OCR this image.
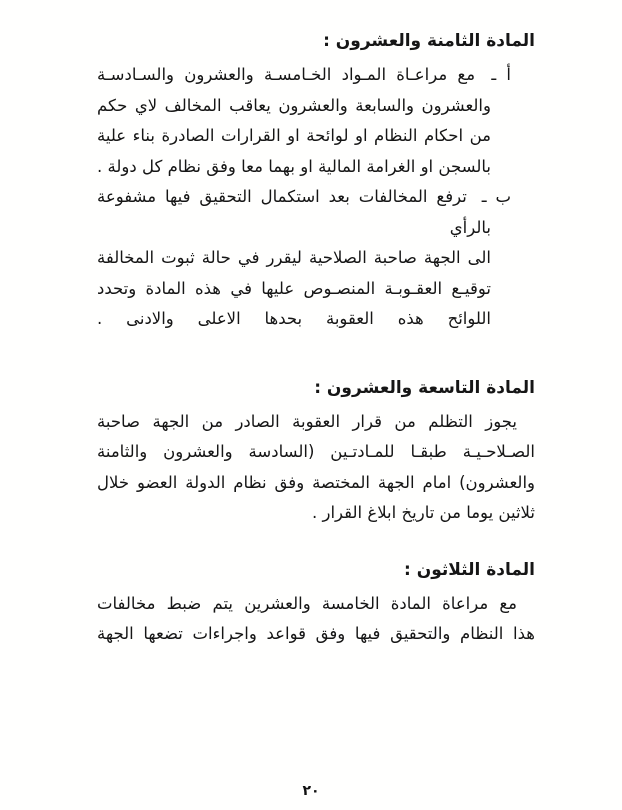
المادة الثامنة والعشرون :
أ ـ مع مراعـاة المـواد الخـامسـة والعشرون والسـادسـة
والعشرون والسابعة والعشرون يعاقب المخالف لاي حكم
من احكام النظام او لوائحة او القرارات الصادرة بناء علية
بالسجن او الغرامة المالية او بهما معا وفق نظام كل دولة .
ب ـ ترفع المخالفات بعد استكمال التحقيق فيها مشفوعة بالرأي
الى الجهة صاحبة الصلاحية ليقرر في حالة ثبوت المخالفة
توقيـع العقـوبـة المنصـوص عليها في هذه المادة وتحدد
اللوائح هذه العقوبة بحدها الاعلى والادنى .
المادة التاسعة والعشرون :
يجوز التظلم من قرار العقوبة الصادر من الجهة صاحبة
الصـلاحـيـة طبقـا للمـادتـين (السادسة والعشرون والثامنة
والعشرون) امام الجهة المختصة وفق نظام الدولة العضو خلال
ثلاثين يوما من تاريخ ابلاغ القرار .
المادة الثلاثون :
مع مراعاة المادة الخامسة والعشرين يتم ضبط مخالفات
هذا النظام والتحقيق فيها وفق قواعد واجراءات تضعها الجهة
٢٠
